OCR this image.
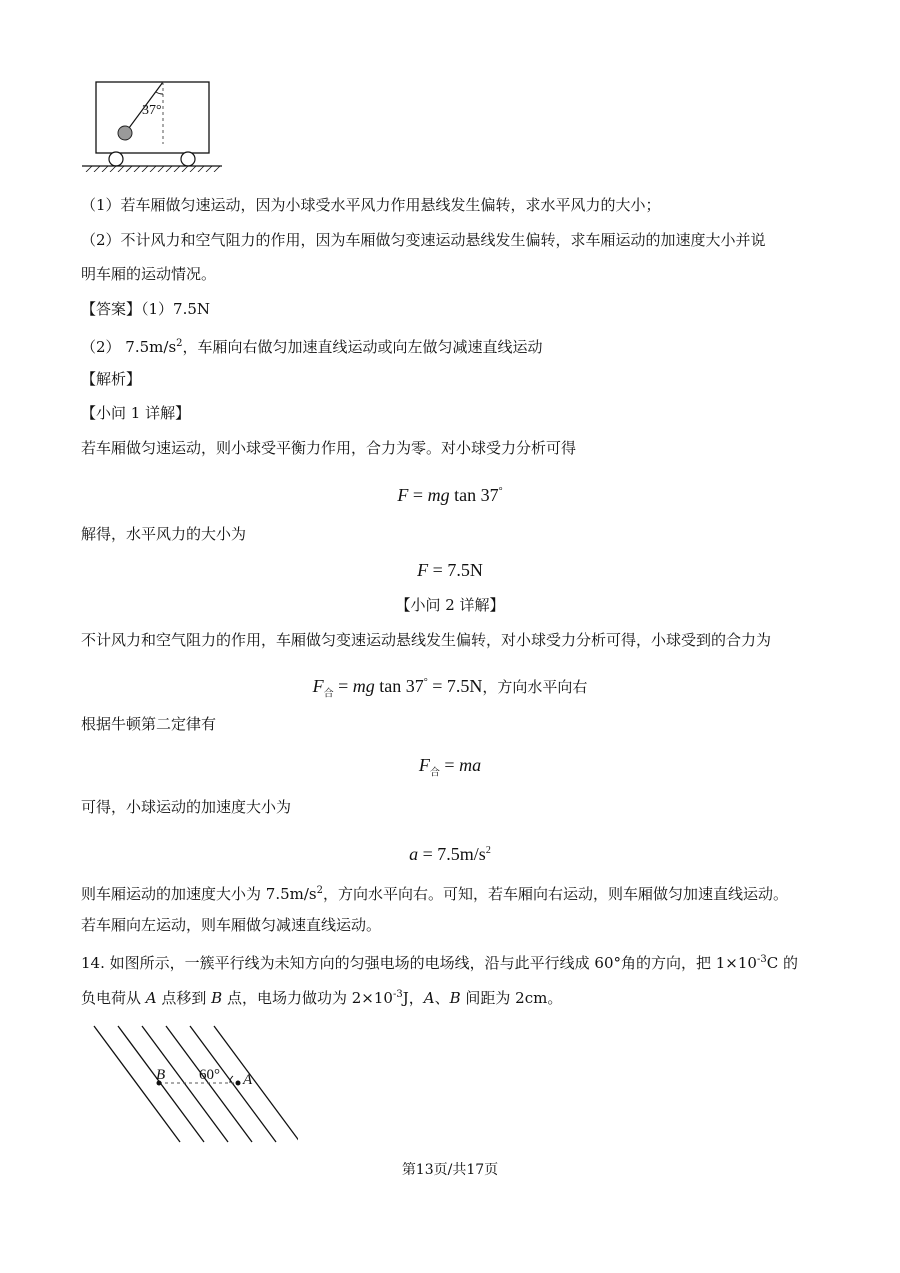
37°
（1）若车厢做匀速运动，因为小球受水平风力作用悬线发生偏转，求水平风力的大小；
（2）不计风力和空气阻力的作用，因为车厢做匀变速运动悬线发生偏转，求车厢运动的加速度大小并说
明车厢的运动情况。
【答案】（1）7.5N
（2） $7.5m/s^2$，车厢向右做匀加速直线运动或向左做匀减速直线运动
【解析】
【小问 1 详解】
若车厢做匀速运动，则小球受平衡力作用，合力为零。对小球受力分析可得
F = mg tan 37°
解得，水平风力的大小为
F = 7.5N
【小问 2 详解】
不计风力和空气阻力的作用，车厢做匀变速运动悬线发生偏转，对小球受力分析可得，小球受到的合力为
$F_合$ = mg tan 37° = 7.5N，方向水平向右
根据牛顿第二定律有
$F_合$ = ma
可得，小球运动的加速度大小为
$a = 7.5m/s^2$
则车厢运动的加速度大小为 $7.5m/s^2$，方向水平向右。可知，若车厢向右运动，则车厢做匀加速直线运动。
若车厢向左运动，则车厢做匀减速直线运动。
14. 如图所示，一簇平行线为未知方向的匀强电场的电场线，沿与此平行线成 60°角的方向，把 $1\times 10^{-3}C$ 的
负电荷从 A 点移到 B 点，电场力做功为 $2\times 10^{-3}J$，A、B 间距为 2cm。
B	A
60°
第13页/共17页
